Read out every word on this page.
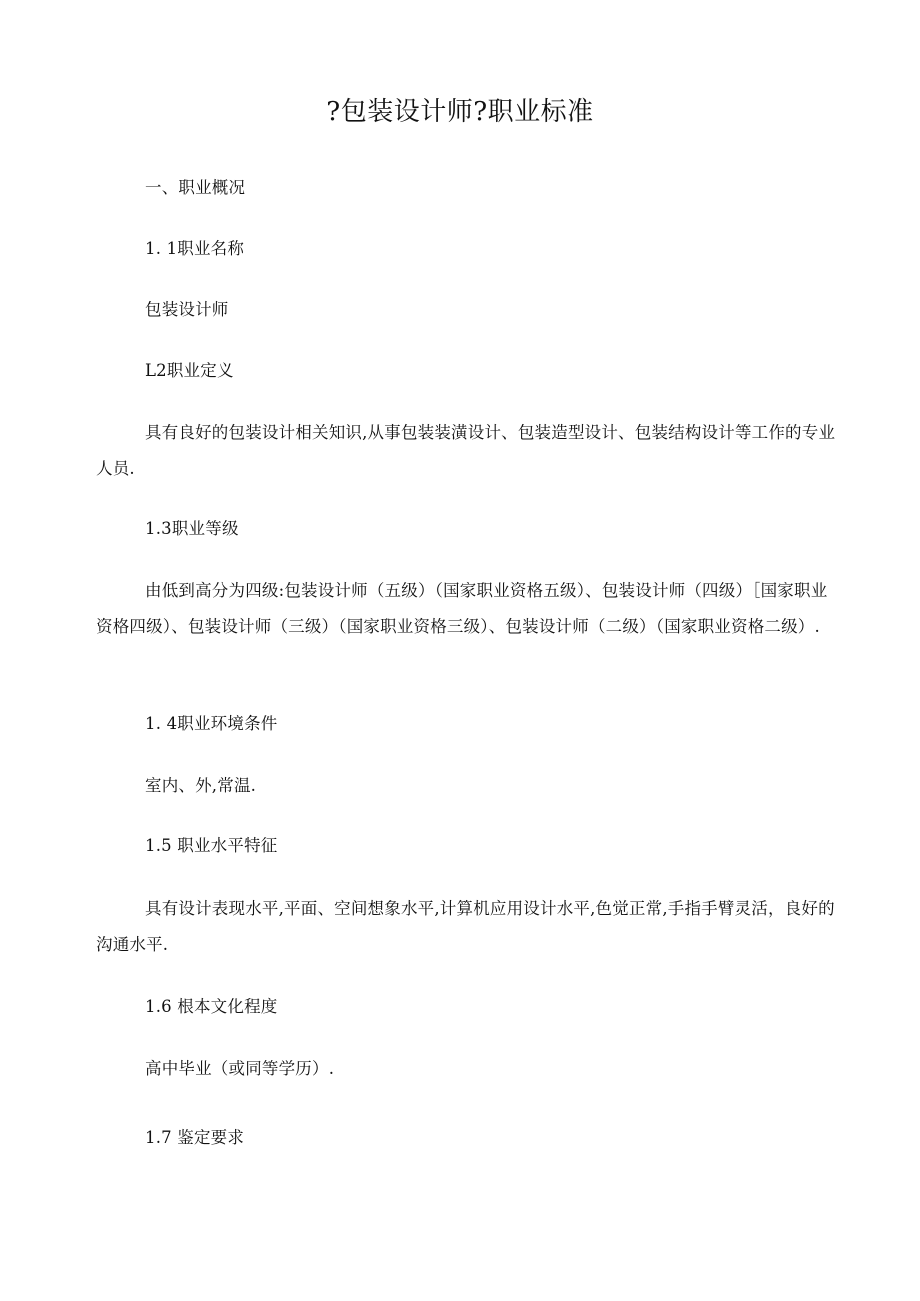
?包装设计师?职业标准
一、职业概况
1. 1职业名称
包装设计师
L2职业定义
具有良好的包装设计相关知识,从事包装装潢设计、包装造型设计、包装结构设计等工作的专业人员.
1.3职业等级
由低到高分为四级:包装设计师（五级）（国家职业资格五级）、包装设计师（四级）［国家职业资格四级）、包装设计师（三级）（国家职业资格三级）、包装设计师（二级）（国家职业资格二级）.
1. 4职业环境条件
室内、外,常温.
1.5 职业水平特征
具有设计表现水平,平面、空间想象水平,计算机应用设计水平,色觉正常,手指手臂灵活，良好的沟通水平.
1.6 根本文化程度
高中毕业（或同等学历）.
1.7 鉴定要求
